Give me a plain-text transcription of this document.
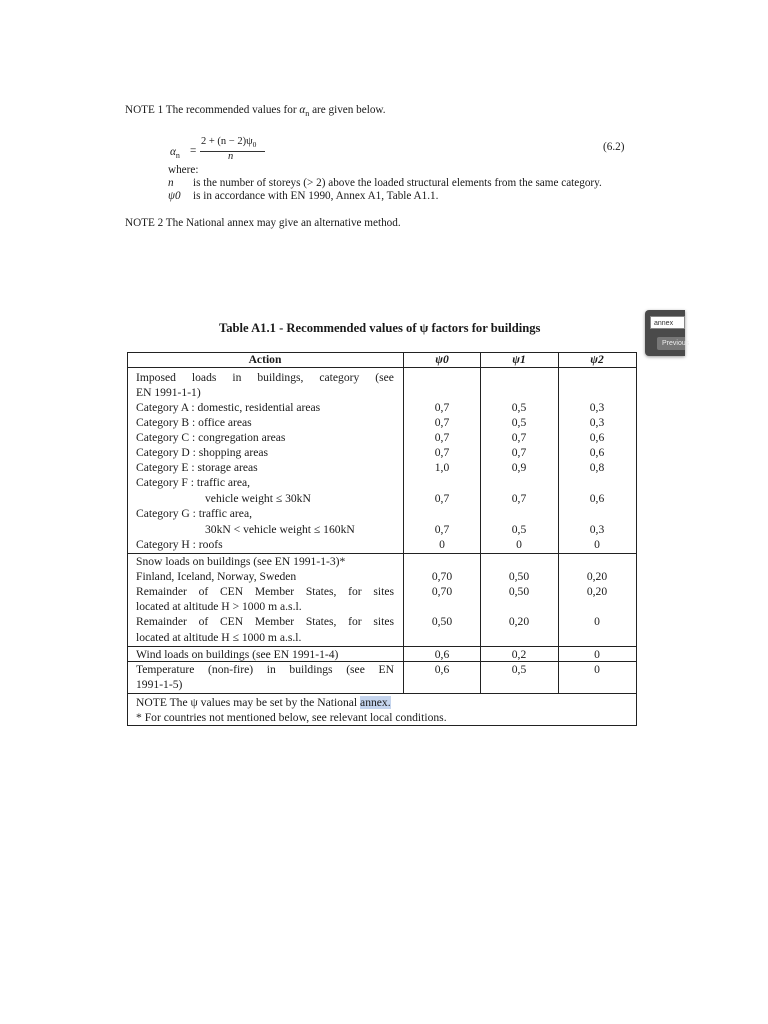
NOTE 1 The recommended values for $\alpha_n$ are given below.
$\alpha_n$ =
$2 + (n - 2)\psi_0$
n
(6.2)
where:
n is the number of storeys (> 2) above the loaded structural elements from the same category.
ψ0 is in accordance with EN 1990, Annex A1, Table A1.1.
NOTE 2 The National annex may give an alternative method.
Table A1.1 - Recommended values of ψ factors for buildings
Action	ψ0	ψ1	ψ2
Imposed loads in buildings, category (see
EN 1991-1-1)
Category A : domestic, residential areas	0,7	0,5	0,3
Category B : office areas	0,7	0,5	0,3
Category C : congregation areas	0,7	0,7	0,6
Category D : shopping areas	0,7	0,7	0,6
Category E : storage areas	1,0	0,9	0,8
Category F : traffic area,
vehicle weight ≤ 30kN	0,7	0,7	0,6
Category G : traffic area,
30kN < vehicle weight ≤ 160kN	0,7	0,5	0,3
Category H : roofs	0	0	0
Snow loads on buildings (see EN 1991-1-3)*
Finland, Iceland, Norway, Sweden	0,70	0,50	0,20
Remainder of CEN Member States, for sites	0,70	0,50	0,20
located at altitude H > 1000 m a.s.l.
Remainder of CEN Member States, for sites	0,50	0,20	0
located at altitude H ≤ 1000 m a.s.l.
Wind loads on buildings (see EN 1991-1-4)	0,6	0,2	0
Temperature (non-fire) in buildings (see EN	0,6	0,5	0
1991-1-5)
NOTE The ψ values may be set by the National annex.
* For countries not mentioned below, see relevant local conditions.
annex
Previous
